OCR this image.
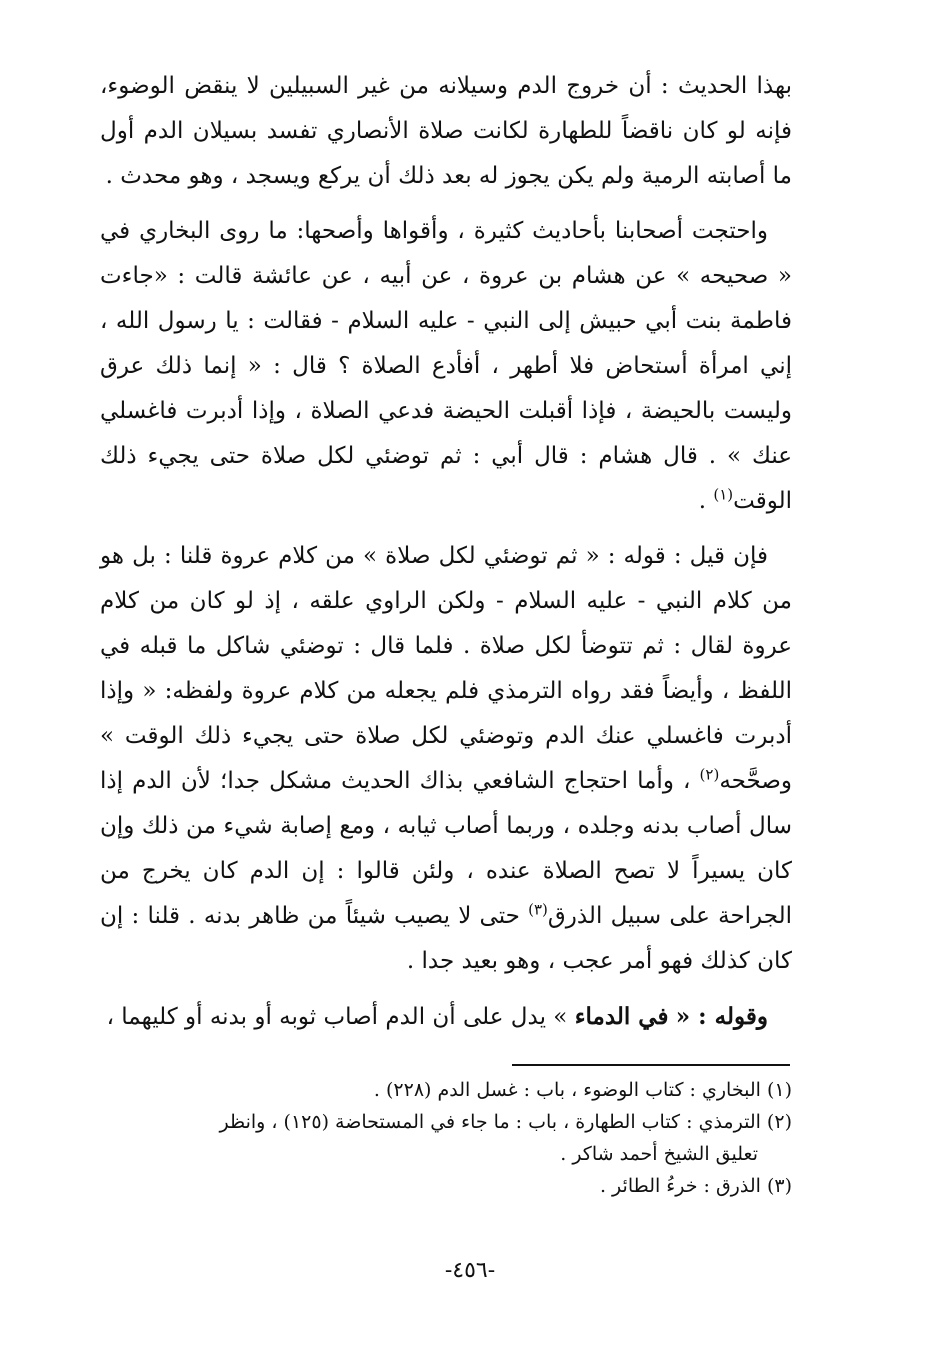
بهذا الحديث : أن خروج الدم وسيلانه من غير السبيلين لا ينقض الوضوء، فإنه لو كان ناقضاً للطهارة لكانت صلاة الأنصاري تفسد بسيلان الدم أول ما أصابته الرمية ولم يكن يجوز له بعد ذلك أن يركع ويسجد ، وهو محدث .

واحتجت أصحابنا بأحاديث كثيرة ، وأقواها وأصحها: ما روى البخاري في « صحيحه » عن هشام بن عروة ، عن أبيه ، عن عائشة قالت : «جاءت فاطمة بنت أبي حبيش إلى النبي - عليه السلام - فقالت : يا رسول الله ، إني امرأة أستحاض فلا أطهر ، أفأدع الصلاة ؟ قال : « إنما ذلك عرق وليست بالحيضة ، فإذا أقبلت الحيضة فدعي الصلاة ، وإذا أدبرت فاغسلي عنك » . قال هشام : قال أبي : ثم توضئي لكل صلاة حتى يجيء ذلك الوقت$^{(١)}$ .

فإن قيل : قوله : « ثم توضئي لكل صلاة » من كلام عروة قلنا : بل هو من كلام النبي - عليه السلام - ولكن الراوي علقه ، إذ لو كان من كلام عروة لقال : ثم تتوضأ لكل صلاة . فلما قال : توضئي شاكل ما قبله في اللفظ ، وأيضاً فقد رواه الترمذي فلم يجعله من كلام عروة ولفظه: « وإذا أدبرت فاغسلي عنك الدم وتوضئي لكل صلاة حتى يجيء ذلك الوقت » وصحَّحه$^{(٢)}$ ، وأما احتجاج الشافعي بذاك الحديث مشكل جدا؛ لأن الدم إذا سال أصاب بدنه وجلده ، وربما أصاب ثيابه ، ومع إصابة شيء من ذلك وإن كان يسيراً لا تصح الصلاة عنده ، ولئن قالوا : إن الدم كان يخرج من الجراحة على سبيل الذرق$^{(٣)}$ حتى لا يصيب شيئاً من ظاهر بدنه . قلنا : إن كان كذلك فهو أمر عجب ، وهو بعيد جدا .

وقوله : « في الدماء » يدل على أن الدم أصاب ثوبه أو بدنه أو كليهما ،

(١) البخاري : كتاب الوضوء ، باب : غسل الدم (٢٢٨) .

(٢) الترمذي : كتاب الطهارة ، باب : ما جاء في المستحاضة (١٢٥) ، وانظر

تعليق الشيخ أحمد شاكر .

(٣) الذرق : خرءُ الطائر .

-٤٥٦-
